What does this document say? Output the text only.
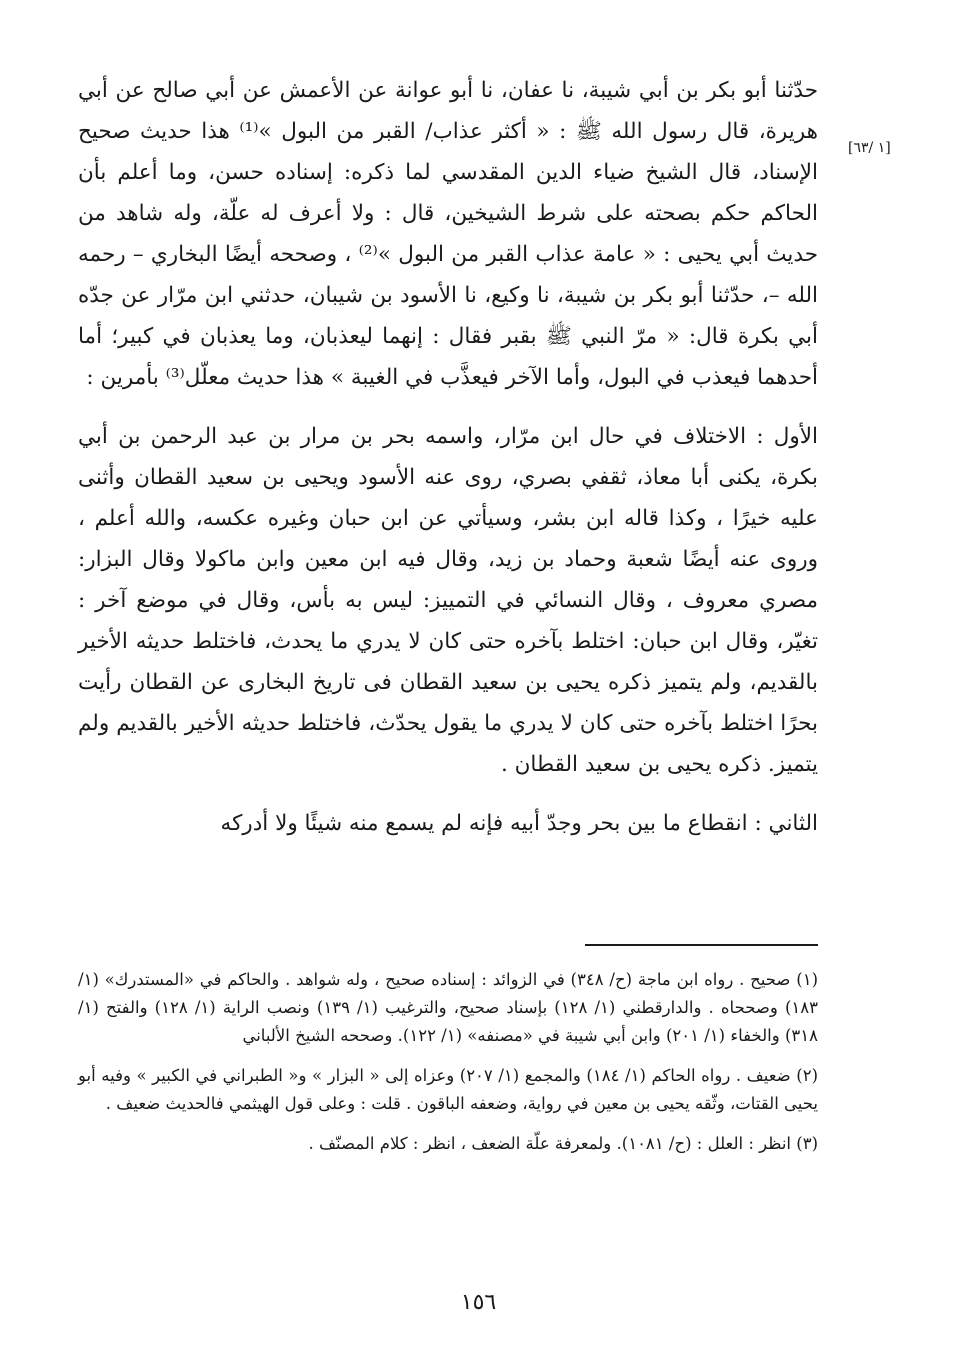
[١ /٦٣]

حدّثنا أبو بكر بن أبي شيبة، نا عفان، نا أبو عوانة عن الأعمش عن أبي صالح عن أبي هريرة، قال رسول الله ﷺ : « أكثر عذاب/ القبر من البول »⁽¹⁾ هذا حديث صحيح الإسناد، قال الشيخ ضياء الدين المقدسي لما ذكره: إسناده حسن، وما أعلم بأن الحاكم حكم بصحته على شرط الشيخين، قال : ولا أعرف له علّة، وله شاهد من حديث أبي يحيى : « عامة عذاب القبر من البول »⁽²⁾ ، وصححه أيضًا البخاري – رحمه الله –، حدّثنا أبو بكر بن شيبة، نا وكيع، نا الأسود بن شيبان، حدثني ابن مرّار عن جدّه أبي بكرة قال: « مرّ النبي ﷺ بقبر فقال : إنهما ليعذبان، وما يعذبان في كبير؛ أما أحدهما فيعذب في البول، وأما الآخر فيعذَّب في الغيبة » هذا حديث معلّل⁽³⁾ بأمرين :

الأول : الاختلاف في حال ابن مرّار، واسمه بحر بن مرار بن عبد الرحمن بن أبي بكرة، يكنى أبا معاذ، ثقفي بصري، روى عنه الأسود ويحيى بن سعيد القطان وأثنى عليه خيرًا ، وكذا قاله ابن بشر، وسيأتي عن ابن حبان وغيره عكسه، والله أعلم ، وروى عنه أيضًا شعبة وحماد بن زيد، وقال فيه ابن معين وابن ماكولا وقال البزار: مصري معروف ، وقال النسائي في التمييز: ليس به بأس، وقال في موضع آخر : تغيّر، وقال ابن حبان: اختلط بآخره حتى كان لا يدري ما يحدث، فاختلط حديثه الأخير بالقديم، ولم يتميز ذكره يحيى بن سعيد القطان فى تاريخ البخارى عن القطان رأيت بحرًا اختلط بآخره حتى كان لا يدري ما يقول يحدّث، فاختلط حديثه الأخير بالقديم ولم يتميز. ذكره يحيى بن سعيد القطان .

الثاني : انقطاع ما بين بحر وجدّ أبيه فإنه لم يسمع منه شيئًا ولا أدركه

(١) صحيح . رواه ابن ماجة (ح/ ٣٤٨) في الزوائد : إسناده صحيح ، وله شواهد . والحاكم في «المستدرك» (١/ ١٨٣) وصححاه . والدارقطني (١/ ١٢٨) بإسناد صحيح، والترغيب (١/ ١٣٩) ونصب الراية (١/ ١٢٨) والفتح (١/ ٣١٨) والخفاء (١/ ٢٠١) وابن أبي شيبة في «مصنفه» (١/ ١٢٢). وصححه الشيخ الألباني

(٢) ضعيف . رواه الحاكم (١/ ١٨٤) والمجمع (١/ ٢٠٧) وعزاه إلى « البزار » و« الطبراني في الكبير » وفيه أبو يحيى القتات، وثّقه يحيى بن معين في رواية، وضعفه الباقون . قلت : وعلى قول الهيثمي فالحديث ضعيف .

(٣) انظر : العلل : (ح/ ١٠٨١). ولمعرفة علّة الضعف ، انظر : كلام المصنّف .

١٥٦
